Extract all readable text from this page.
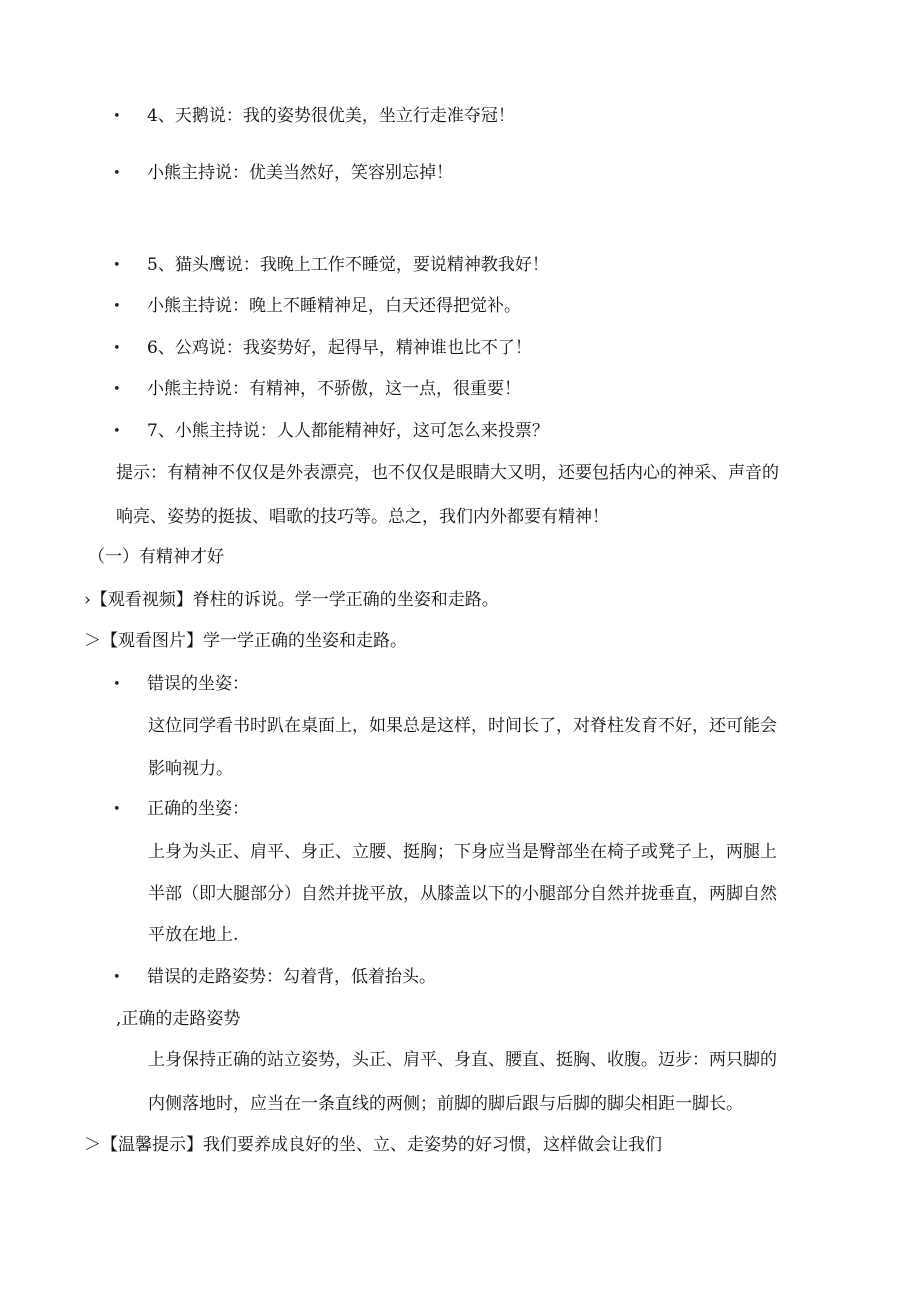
• 4、天鹅说：我的姿势很优美，坐立行走准夺冠！
• 小熊主持说：优美当然好，笑容别忘掉！
• 5、猫头鹰说：我晚上工作不睡觉，要说精神教我好！
• 小熊主持说：晚上不睡精神足，白天还得把觉补。
• 6、公鸡说：我姿势好，起得早，精神谁也比不了！
• 小熊主持说：有精神，不骄傲，这一点，很重要！
• 7、小熊主持说：人人都能精神好，这可怎么来投票？
提示：有精神不仅仅是外表漂亮，也不仅仅是眼睛大又明，还要包括内心的神采、声音的
响亮、姿势的挺拔、唱歌的技巧等。总之，我们内外都要有精神！
（一）有精神才好
›【观看视频】脊柱的诉说。学一学正确的坐姿和走路。
＞【观看图片】学一学正确的坐姿和走路。
• 错误的坐姿：
这位同学看书时趴在桌面上，如果总是这样，时间长了，对脊柱发育不好，还可能会
影响视力。
• 正确的坐姿：
上身为头正、肩平、身正、立腰、挺胸；下身应当是臀部坐在椅子或凳子上，两腿上
半部（即大腿部分）自然并拢平放，从膝盖以下的小腿部分自然并拢垂直，两脚自然
平放在地上.
• 错误的走路姿势：勾着背，低着抬头。
,正确的走路姿势
上身保持正确的站立姿势，头正、肩平、身直、腰直、挺胸、收腹。迈步：两只脚的
内侧落地时，应当在一条直线的两侧；前脚的脚后跟与后脚的脚尖相距一脚长。
＞【温馨提示】我们要养成良好的坐、立、走姿势的好习惯，这样做会让我们
